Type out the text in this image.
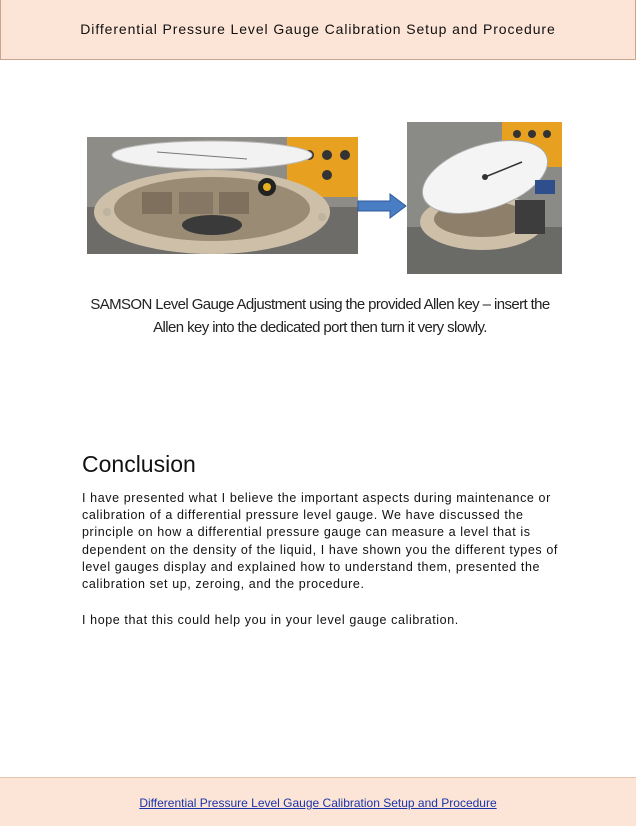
Differential Pressure Level Gauge Calibration Setup and Procedure
SAMSON Level Gauge Adjustment using the provided Allen key – insert the
Allen key into the dedicated port then turn it very slowly.
Conclusion

I have presented what I believe the important aspects during maintenance or calibration of a differential pressure level gauge. We have discussed the principle on how a differential pressure gauge can measure a level that is dependent on the density of the liquid, I have shown you the different types of level gauges display and explained how to understand them, presented the calibration set up, zeroing, and the procedure.

I hope that this could help you in your level gauge calibration.

Differential Pressure Level Gauge Calibration Setup and Procedure
